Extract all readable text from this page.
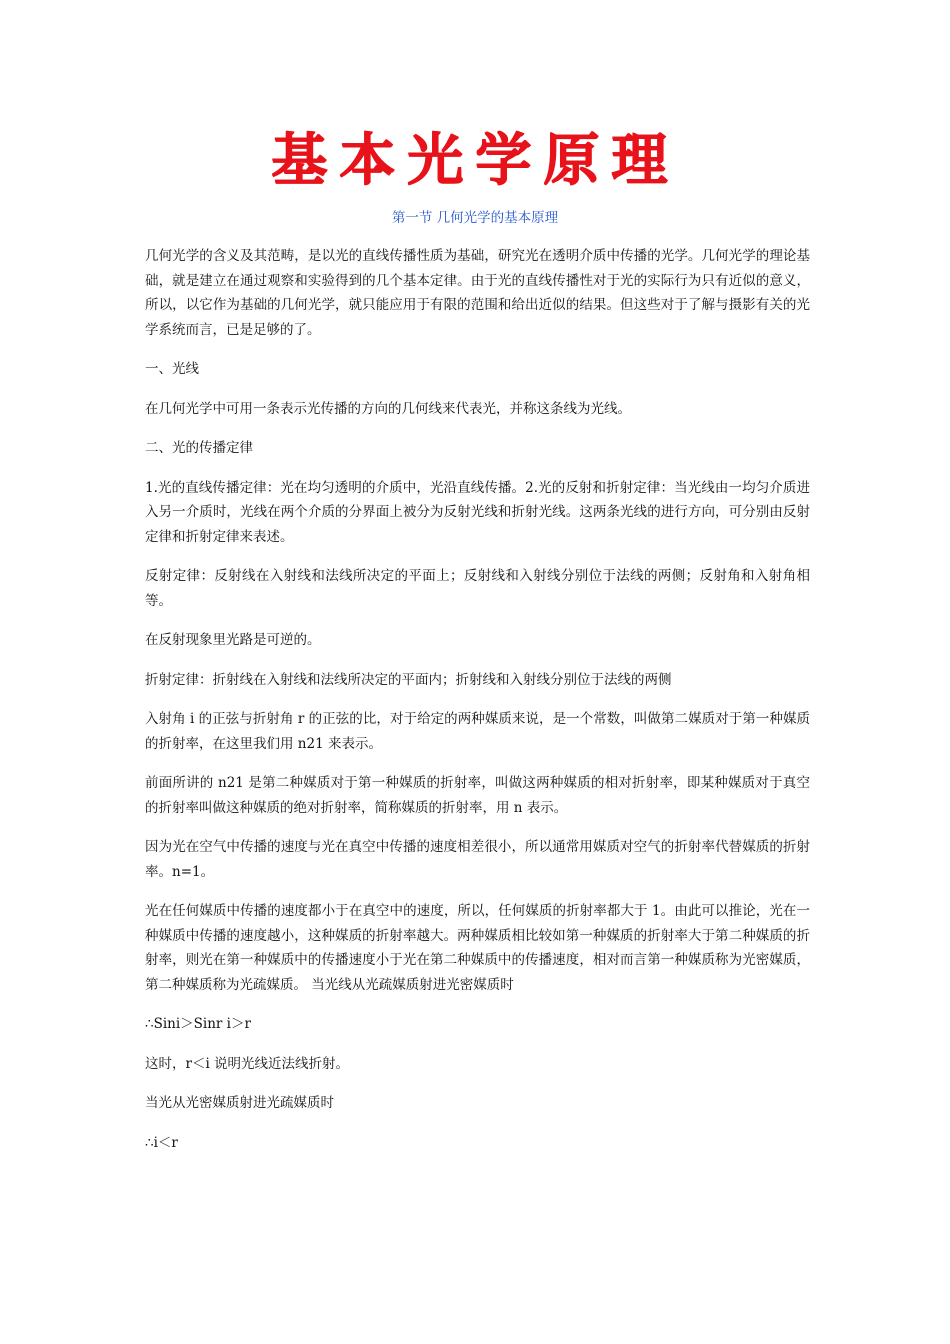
基本光学原理
第一节 几何光学的基本原理

几何光学的含义及其范畴，是以光的直线传播性质为基础，研究光在透明介质中传播的光学。几何光学的理论基础，就是建立在通过观察和实验得到的几个基本定律。由于光的直线传播性对于光的实际行为只有近似的意义，所以，以它作为基础的几何光学，就只能应用于有限的范围和给出近似的结果。但这些对于了解与摄影有关的光学系统而言，已是足够的了。

一、光线

在几何光学中可用一条表示光传播的方向的几何线来代表光，并称这条线为光线。

二、光的传播定律

1.光的直线传播定律：光在均匀透明的介质中，光沿直线传播。2.光的反射和折射定律：当光线由一均匀介质进入另一介质时，光线在两个介质的分界面上被分为反射光线和折射光线。这两条光线的进行方向，可分别由反射定律和折射定律来表述。

反射定律：反射线在入射线和法线所决定的平面上；反射线和入射线分别位于法线的两侧；反射角和入射角相等。

在反射现象里光路是可逆的。

折射定律：折射线在入射线和法线所决定的平面内；折射线和入射线分别位于法线的两侧

入射角 i 的正弦与折射角 r 的正弦的比，对于给定的两种媒质来说，是一个常数，叫做第二媒质对于第一种媒质的折射率，在这里我们用 n21 来表示。

前面所讲的 n21 是第二种媒质对于第一种媒质的折射率，叫做这两种媒质的相对折射率，即某种媒质对于真空的折射率叫做这种媒质的绝对折射率，简称媒质的折射率，用 n 表示。

因为光在空气中传播的速度与光在真空中传播的速度相差很小，所以通常用媒质对空气的折射率代替媒质的折射率。n=1。

光在任何媒质中传播的速度都小于在真空中的速度，所以，任何媒质的折射率都大于 1。由此可以推论，光在一种媒质中传播的速度越小，这种媒质的折射率越大。两种媒质相比较如第一种媒质的折射率大于第二种媒质的折射率，则光在第一种媒质中的传播速度小于光在第二种媒质中的传播速度，相对而言第一种媒质称为光密媒质，第二种媒质称为光疏媒质。 当光线从光疏媒质射进光密媒质时

∴Sini＞Sinr i＞r

这时，r＜i 说明光线近法线折射。

当光从光密媒质射进光疏媒质时

∴i＜r
